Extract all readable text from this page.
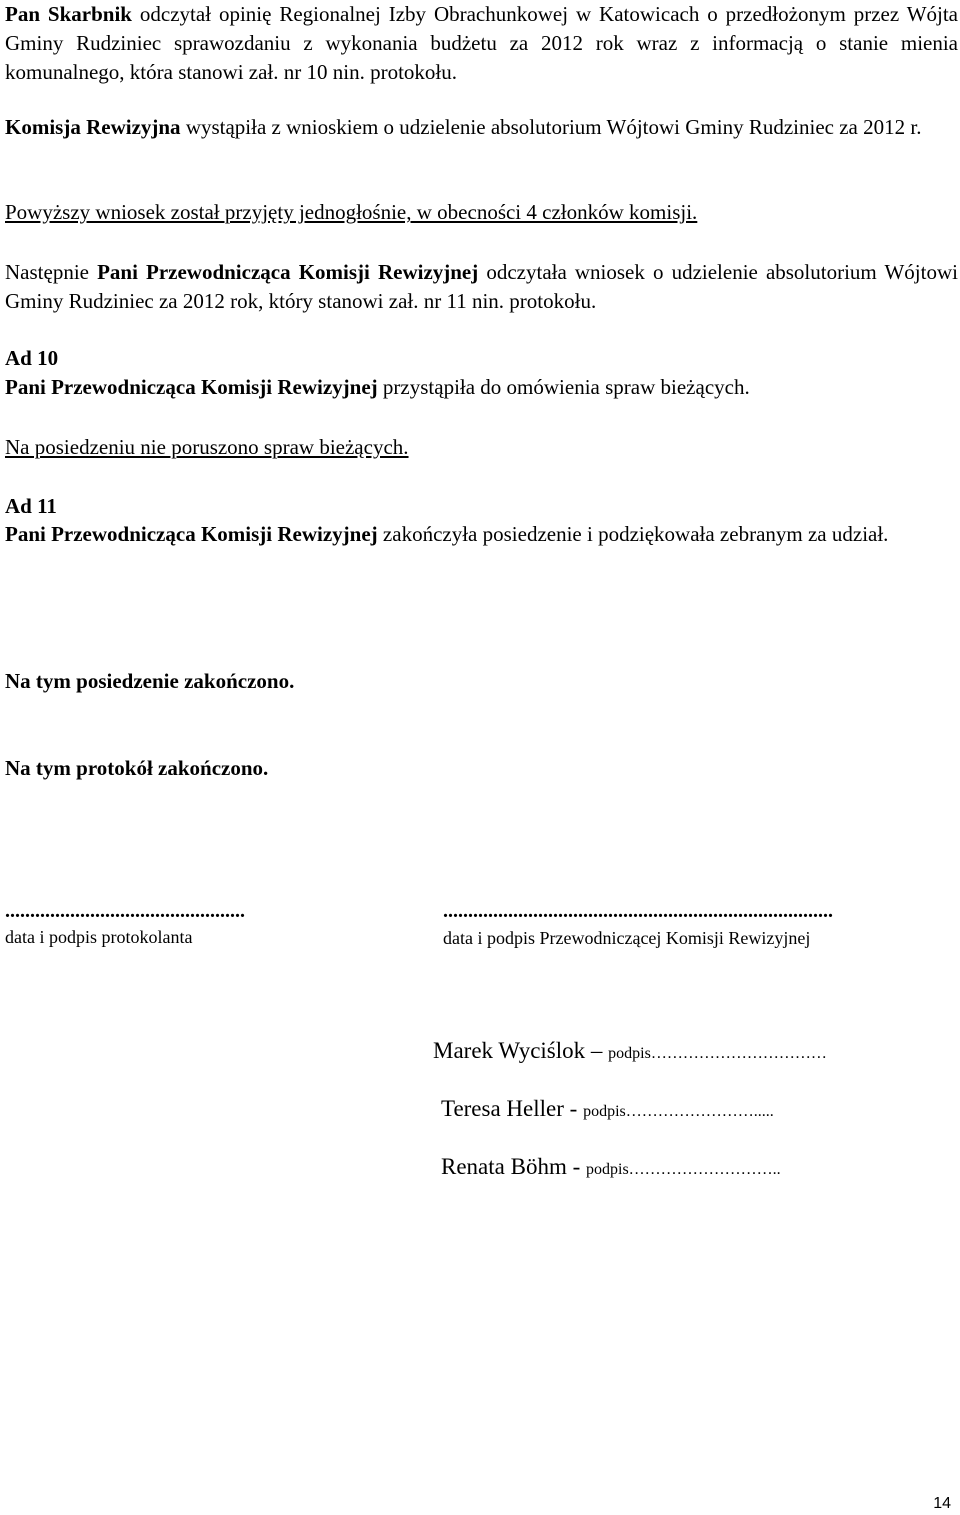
Pan Skarbnik odczytał opinię Regionalnej Izby Obrachunkowej w Katowicach o przedłożonym przez Wójta Gminy Rudziniec sprawozdaniu z wykonania budżetu za 2012 rok wraz z informacją o stanie mienia komunalnego, która stanowi zał. nr 10 nin. protokołu.

Komisja Rewizyjna wystąpiła z wnioskiem o udzielenie absolutorium Wójtowi Gminy Rudziniec za 2012 r.

Powyższy wniosek został przyjęty jednogłośnie, w obecności 4 członków komisji.

Następnie Pani Przewodnicząca Komisji Rewizyjnej odczytała wniosek o udzielenie absolutorium Wójtowi Gminy Rudziniec za 2012 rok, który stanowi zał. nr 11 nin. protokołu.

Ad 10

Pani Przewodnicząca Komisji Rewizyjnej przystąpiła do omówienia spraw bieżących.

Na posiedzeniu nie poruszono spraw bieżących.

Ad 11

Pani Przewodnicząca Komisji Rewizyjnej zakończyła posiedzenie i podziękowała zebranym za udział.

Na tym posiedzenie zakończono.

Na tym protokół zakończono.

................................................
data i podpis protokolanta
..............................................................................
data i podpis Przewodniczącej Komisji Rewizyjnej
Marek Wyciślok – podpis……………………………
Teresa Heller - podpis…………………….....
Renata Böhm - podpis………………………..
14
